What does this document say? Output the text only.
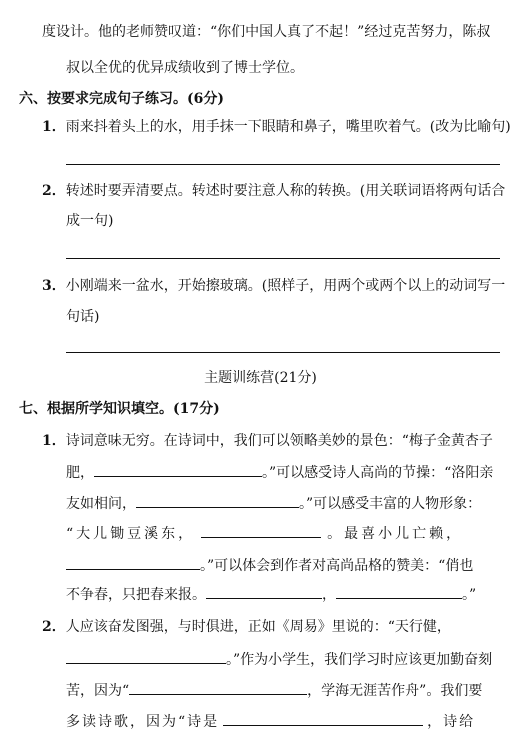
度设计。他的老师赞叹道：“你们中国人真了不起！”经过克苦努力，陈叔
叔以全优的优异成绩收到了博士学位。
六、按要求完成句子练习。(6分)
1．雨来抖着头上的水，用手抹一下眼睛和鼻子，嘴里吹着气。(改为比喻句)
2．转述时要弄清要点。转述时要注意人称的转换。(用关联词语将两句话合
成一句)
3．小刚端来一盆水，开始擦玻璃。(照样子，用两个或两个以上的动词写一
句话)
主题训练营(21分)
七、根据所学知识填空。(17分)
1．诗词意味无穷。在诗词中，我们可以领略美妙的景色：“梅子金黄杏子
肥，	。”可以感受诗人高尚的节操：“洛阳亲
友如相问，	。”可以感受丰富的人物形象：
“大儿锄豆溪东，	。最喜小儿亡赖，
。”可以体会到作者对高尚品格的赞美：“俏也
不争春，只把春来报。	，	。”
2．人应该奋发图强，与时俱进，正如《周易》里说的：“天行健，
。”作为小学生，我们学习时应该更加勤奋刻
苦，因为“	，学海无涯苦作舟”。我们要
多读诗歌，因为“诗是	，诗给
